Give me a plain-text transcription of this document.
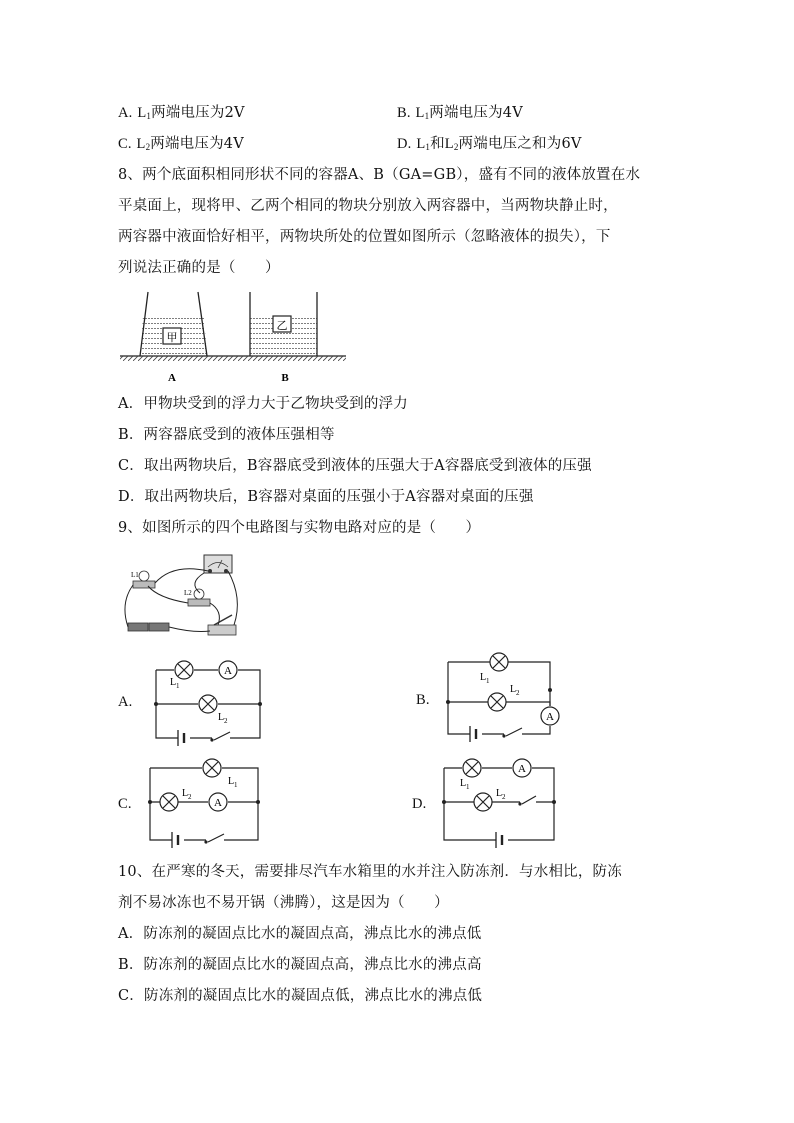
A. $L_1$两端电压为2V	B. $L_1$两端电压为4V
C. $L_2$两端电压为4V	D. $L_1$和$L_2$两端电压之和为6V
8、两个底面积相同形状不同的容器A、B（GA=GB），盛有不同的液体放置在水
平桌面上，现将甲、乙两个相同的物块分别放入两容器中，当两物块静止时，
两容器中液面恰好相平，两物块所处的位置如图所示（忽略液体的损失），下
列说法正确的是（　　）
甲
乙
A	B
A．甲物块受到的浮力大于乙物块受到的浮力
B．两容器底受到的液体压强相等
C．取出两物块后，B容器底受到液体的压强大于A容器底受到液体的压强
D．取出两物块后，B容器对桌面的压强小于A容器对桌面的压强
9、如图所示的四个电路图与实物电路对应的是（　　）
L1
L2
A.
A
L 1
L 2
B.
A
L 1
L 2
C.	A
L 1
L 2	D.
A
L 1
L 2
10、在严寒的冬天，需要排尽汽车水箱里的水并注入防冻剂．与水相比，防冻
剂不易冰冻也不易开锅（沸腾），这是因为（　　）
A．防冻剂的凝固点比水的凝固点高，沸点比水的沸点低
B．防冻剂的凝固点比水的凝固点高，沸点比水的沸点高
C．防冻剂的凝固点比水的凝固点低，沸点比水的沸点低
